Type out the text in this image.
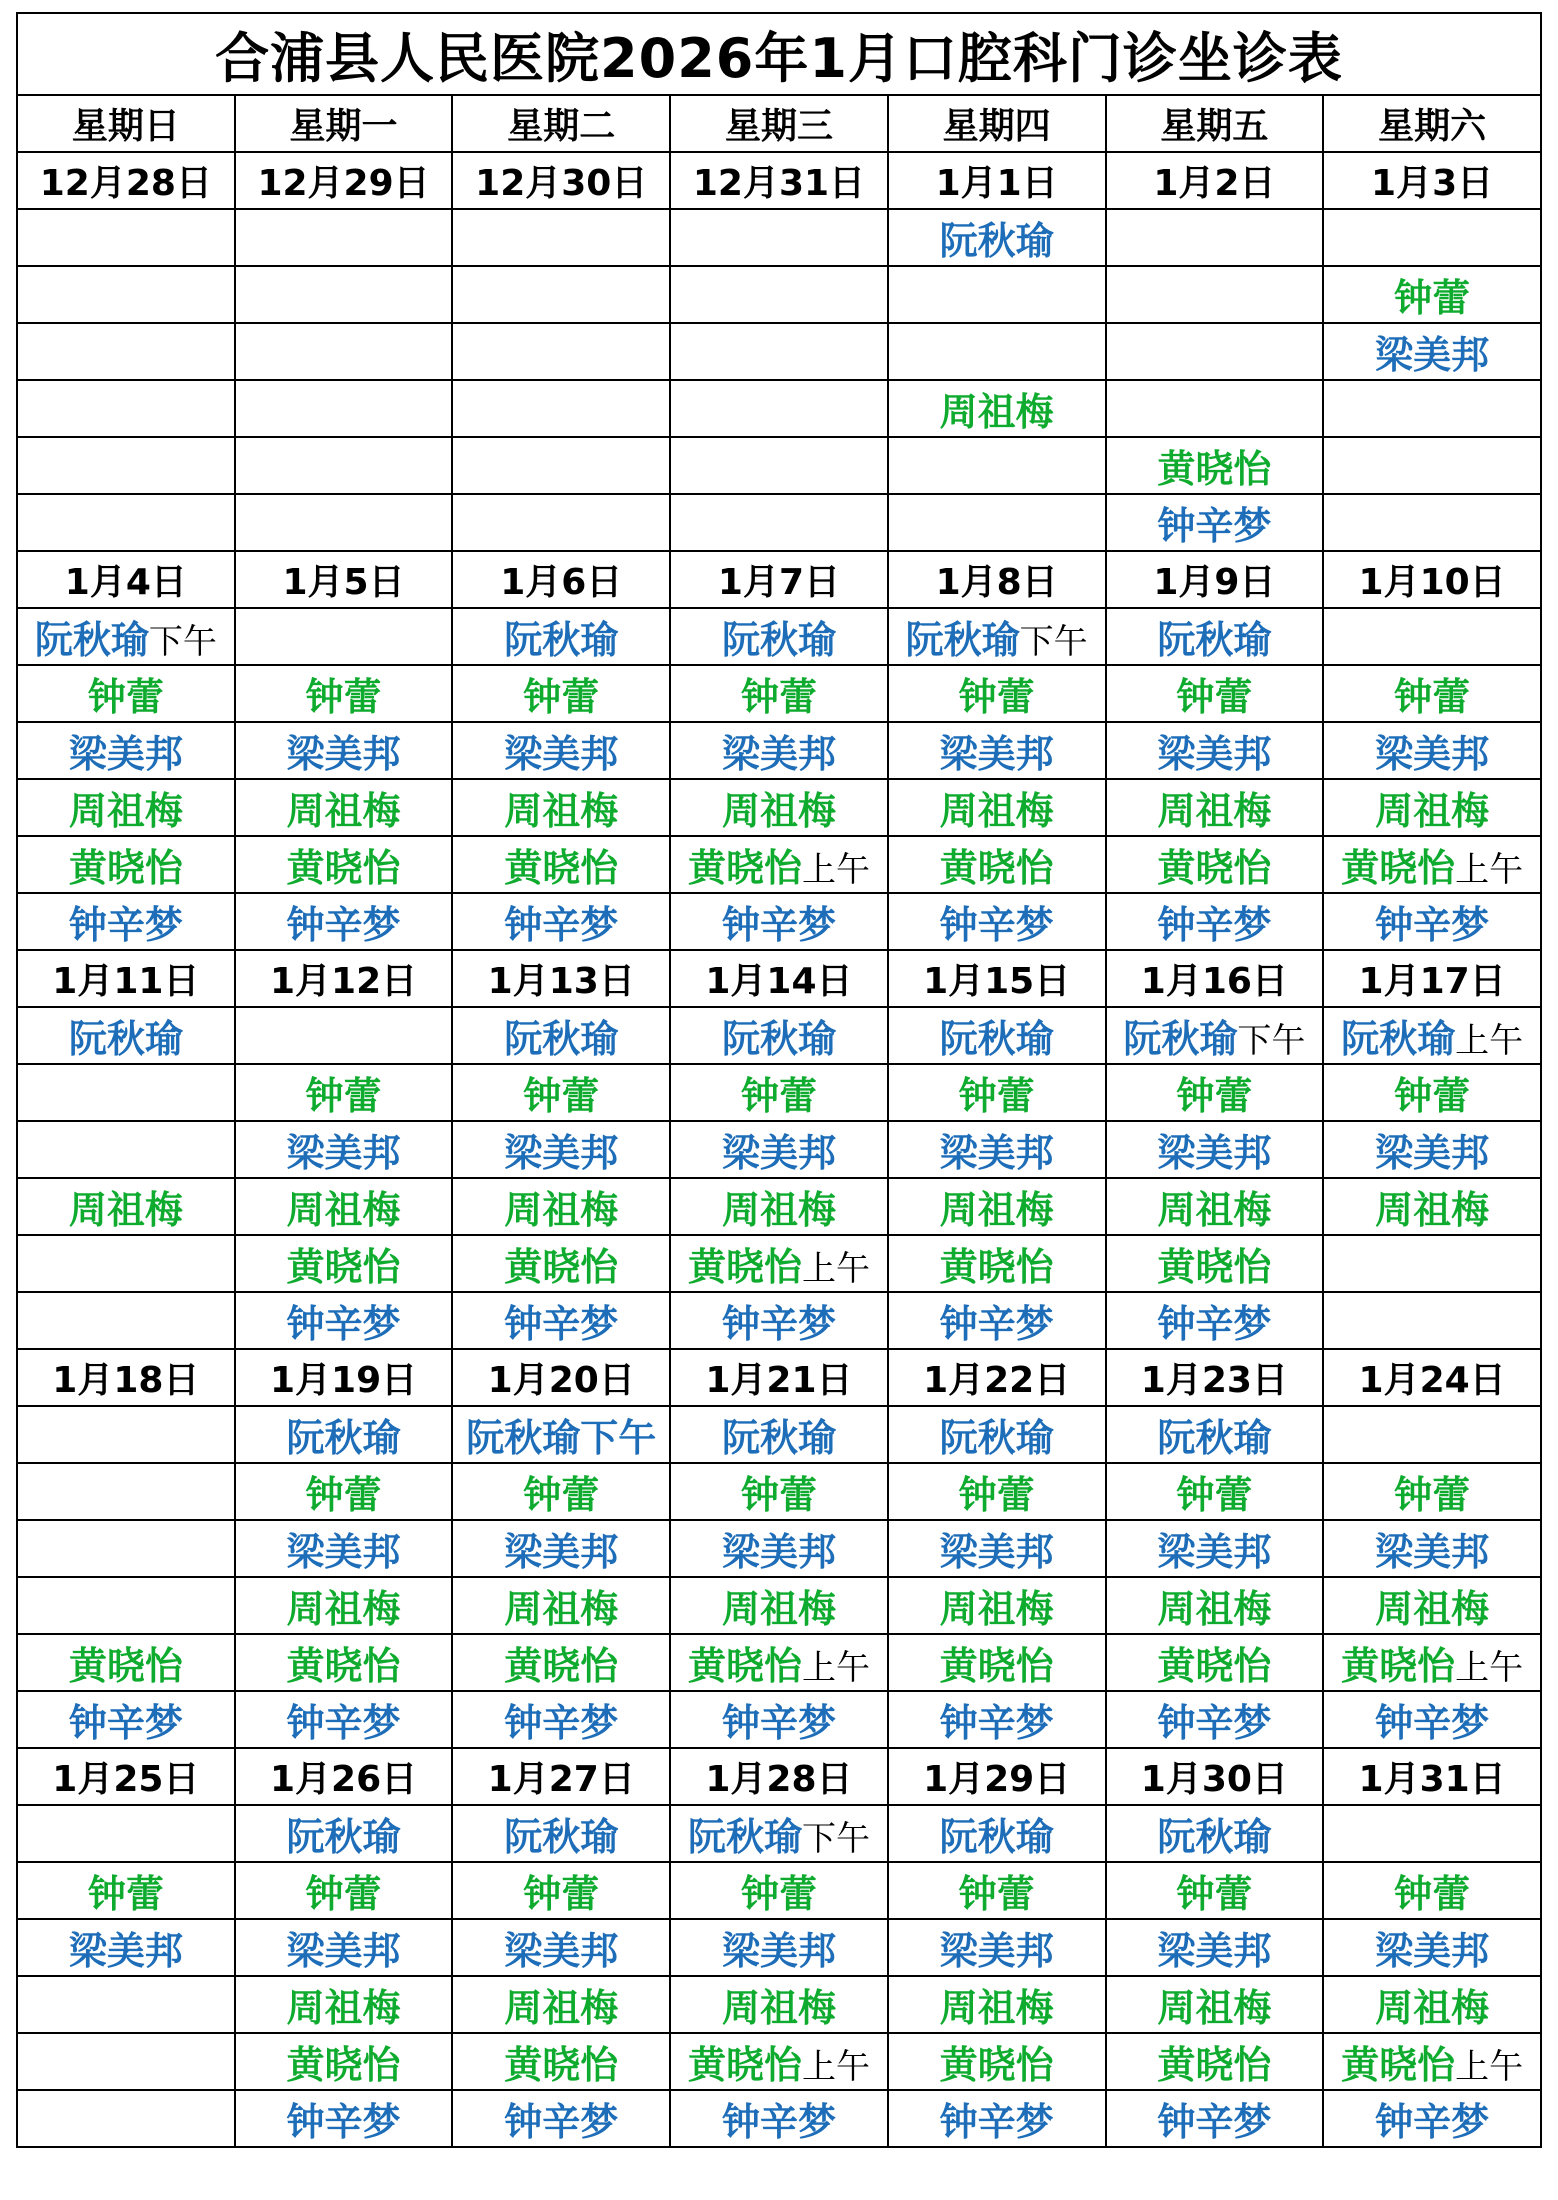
合浦县人民医院2026年1月口腔科门诊坐诊表
星期日	星期一	星期二	星期三	星期四	星期五	星期六
12月28日	12月29日	12月30日	12月31日	1月1日	1月2日	1月3日
				阮秋瑜		
						钟蕾
						梁美邦
				周祖梅		
					黄晓怡	
					钟辛梦	
1月4日	1月5日	1月6日	1月7日	1月8日	1月9日	1月10日
阮秋瑜下午		阮秋瑜	阮秋瑜	阮秋瑜下午	阮秋瑜	
钟蕾	钟蕾	钟蕾	钟蕾	钟蕾	钟蕾	钟蕾
梁美邦	梁美邦	梁美邦	梁美邦	梁美邦	梁美邦	梁美邦
周祖梅	周祖梅	周祖梅	周祖梅	周祖梅	周祖梅	周祖梅
黄晓怡	黄晓怡	黄晓怡	黄晓怡上午	黄晓怡	黄晓怡	黄晓怡上午
钟辛梦	钟辛梦	钟辛梦	钟辛梦	钟辛梦	钟辛梦	钟辛梦
1月11日	1月12日	1月13日	1月14日	1月15日	1月16日	1月17日
阮秋瑜		阮秋瑜	阮秋瑜	阮秋瑜	阮秋瑜下午	阮秋瑜上午
	钟蕾	钟蕾	钟蕾	钟蕾	钟蕾	钟蕾
	梁美邦	梁美邦	梁美邦	梁美邦	梁美邦	梁美邦
周祖梅	周祖梅	周祖梅	周祖梅	周祖梅	周祖梅	周祖梅
	黄晓怡	黄晓怡	黄晓怡上午	黄晓怡	黄晓怡	
	钟辛梦	钟辛梦	钟辛梦	钟辛梦	钟辛梦	
1月18日	1月19日	1月20日	1月21日	1月22日	1月23日	1月24日
	阮秋瑜	阮秋瑜下午	阮秋瑜	阮秋瑜	阮秋瑜	
	钟蕾	钟蕾	钟蕾	钟蕾	钟蕾	钟蕾
	梁美邦	梁美邦	梁美邦	梁美邦	梁美邦	梁美邦
	周祖梅	周祖梅	周祖梅	周祖梅	周祖梅	周祖梅
黄晓怡	黄晓怡	黄晓怡	黄晓怡上午	黄晓怡	黄晓怡	黄晓怡上午
钟辛梦	钟辛梦	钟辛梦	钟辛梦	钟辛梦	钟辛梦	钟辛梦
1月25日	1月26日	1月27日	1月28日	1月29日	1月30日	1月31日
	阮秋瑜	阮秋瑜	阮秋瑜下午	阮秋瑜	阮秋瑜	
钟蕾	钟蕾	钟蕾	钟蕾	钟蕾	钟蕾	钟蕾
梁美邦	梁美邦	梁美邦	梁美邦	梁美邦	梁美邦	梁美邦
	周祖梅	周祖梅	周祖梅	周祖梅	周祖梅	周祖梅
	黄晓怡	黄晓怡	黄晓怡上午	黄晓怡	黄晓怡	黄晓怡上午
	钟辛梦	钟辛梦	钟辛梦	钟辛梦	钟辛梦	钟辛梦
